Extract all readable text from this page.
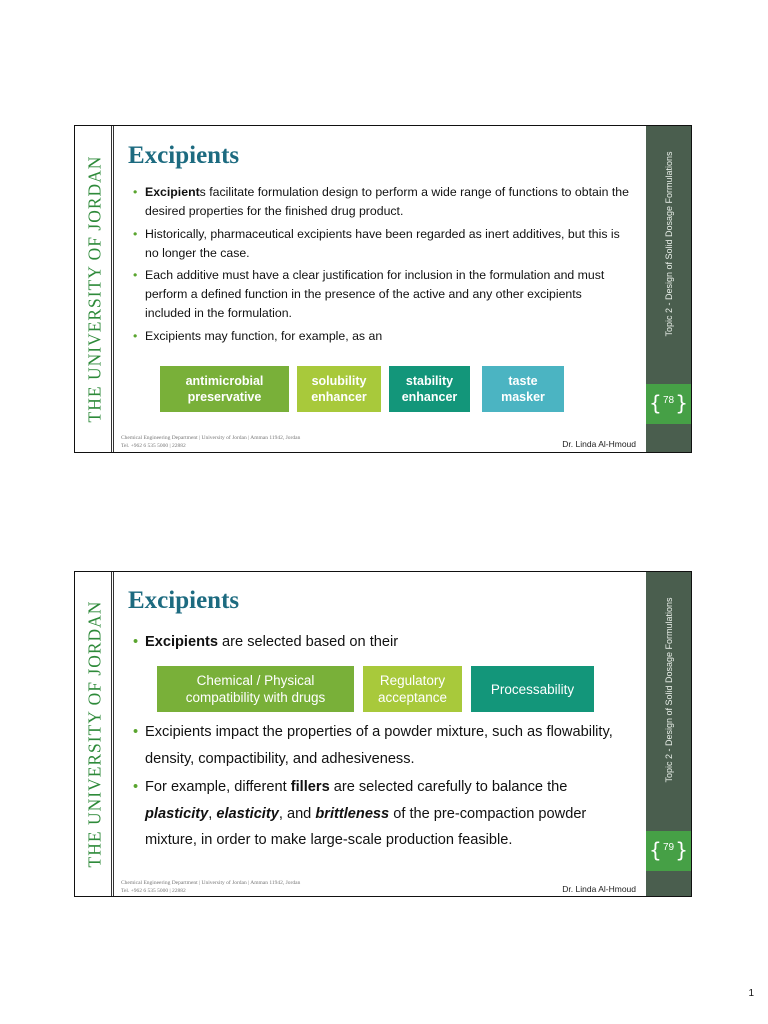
THE UNIVERSITY OF JORDAN
Excipients
• Excipients facilitate formulation design to perform a wide range of functions to obtain the desired properties for the finished drug product.
• Historically, pharmaceutical excipients have been regarded as inert additives, but this is no longer the case.
• Each additive must have a clear justification for inclusion in the formulation and must perform a defined function in the presence of the active and any other excipients included in the formulation.
• Excipients may function, for example, as an
antimicrobial
preservative
solubility
enhancer
stability
enhancer
taste
masker
Chemical Engineering Department | University of Jordan | Amman 11942, Jordan
Tel. +962 6 535 5000 | 22882	Dr. Linda Al-Hmoud
Topic 2 - Design of Solid Dosage Formulations
{ 78 }
THE UNIVERSITY OF JORDAN
Excipients
• Excipients are selected based on their
Chemical / Physical
compatibility with drugs
Regulatory
acceptance
Processability
• Excipients impact the properties of a powder mixture, such as flowability, density, compactibility, and adhesiveness.
• For example, different fillers are selected carefully to balance the plasticity, elasticity, and brittleness of the pre-compaction powder mixture, in order to make large-scale production feasible.
Chemical Engineering Department | University of Jordan | Amman 11942, Jordan
Tel. +962 6 535 5000 | 22882	Dr. Linda Al-Hmoud
Topic 2 - Design of Solid Dosage Formulations
{ 79 }
1
